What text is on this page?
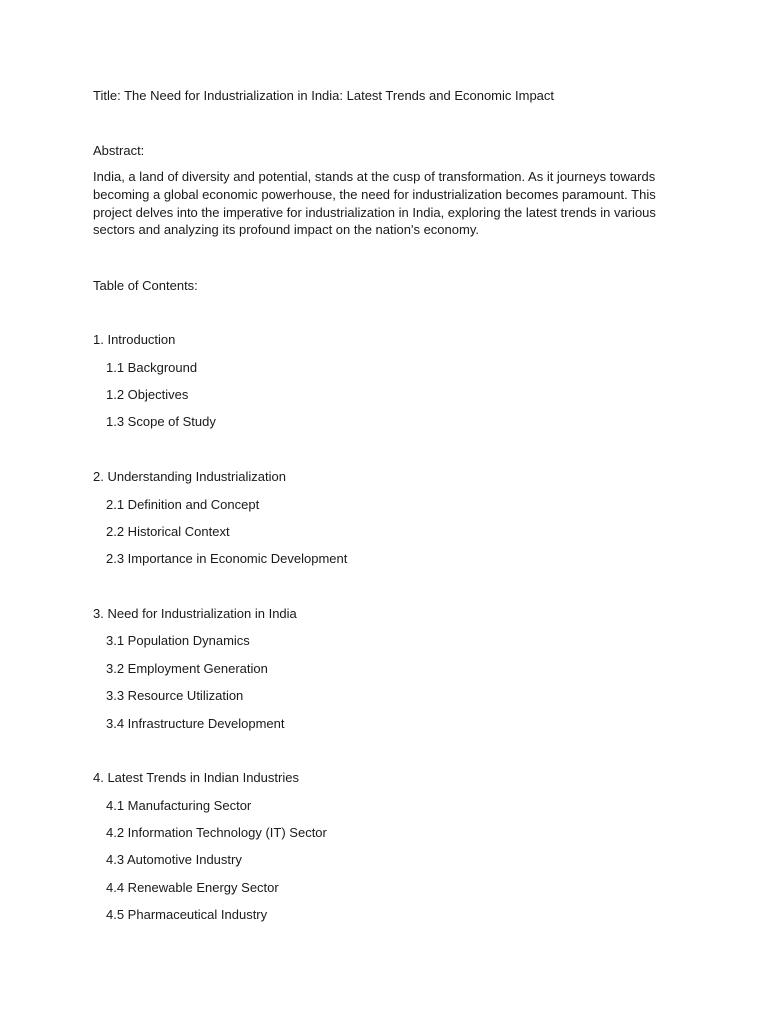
Title: The Need for Industrialization in India: Latest Trends and Economic Impact
Abstract:
India, a land of diversity and potential, stands at the cusp of transformation. As it journeys towards becoming a global economic powerhouse, the need for industrialization becomes paramount. This project delves into the imperative for industrialization in India, exploring the latest trends in various sectors and analyzing its profound impact on the nation's economy.
Table of Contents:
1. Introduction
1.1 Background
1.2 Objectives
1.3 Scope of Study
2. Understanding Industrialization
2.1 Definition and Concept
2.2 Historical Context
2.3 Importance in Economic Development
3. Need for Industrialization in India
3.1 Population Dynamics
3.2 Employment Generation
3.3 Resource Utilization
3.4 Infrastructure Development
4. Latest Trends in Indian Industries
4.1 Manufacturing Sector
4.2 Information Technology (IT) Sector
4.3 Automotive Industry
4.4 Renewable Energy Sector
4.5 Pharmaceutical Industry
